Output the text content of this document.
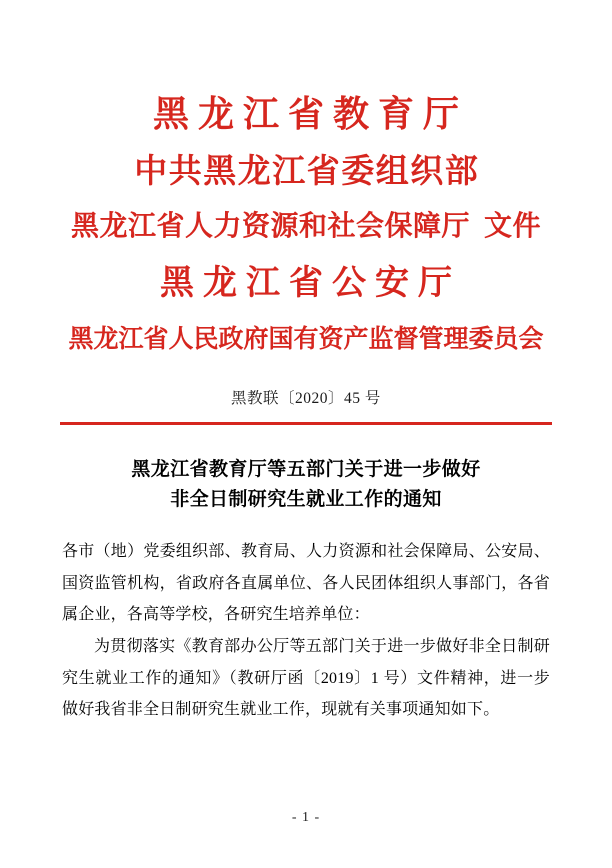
黑龙江省教育厅
中共黑龙江省委组织部
黑龙江省人力资源和社会保障厅 文件
黑龙江省公安厅
黑龙江省人民政府国有资产监督管理委员会
黑教联〔2020〕45 号
黑龙江省教育厅等五部门关于进一步做好
非全日制研究生就业工作的通知

各市（地）党委组织部、教育局、人力资源和社会保障局、公安局、国资监管机构，省政府各直属单位、各人民团体组织人事部门，各省属企业，各高等学校，各研究生培养单位：

为贯彻落实《教育部办公厅等五部门关于进一步做好非全日制研究生就业工作的通知》（教研厅函〔2019〕1 号）文件精神，进一步做好我省非全日制研究生就业工作，现就有关事项通知如下。

- 1 -
